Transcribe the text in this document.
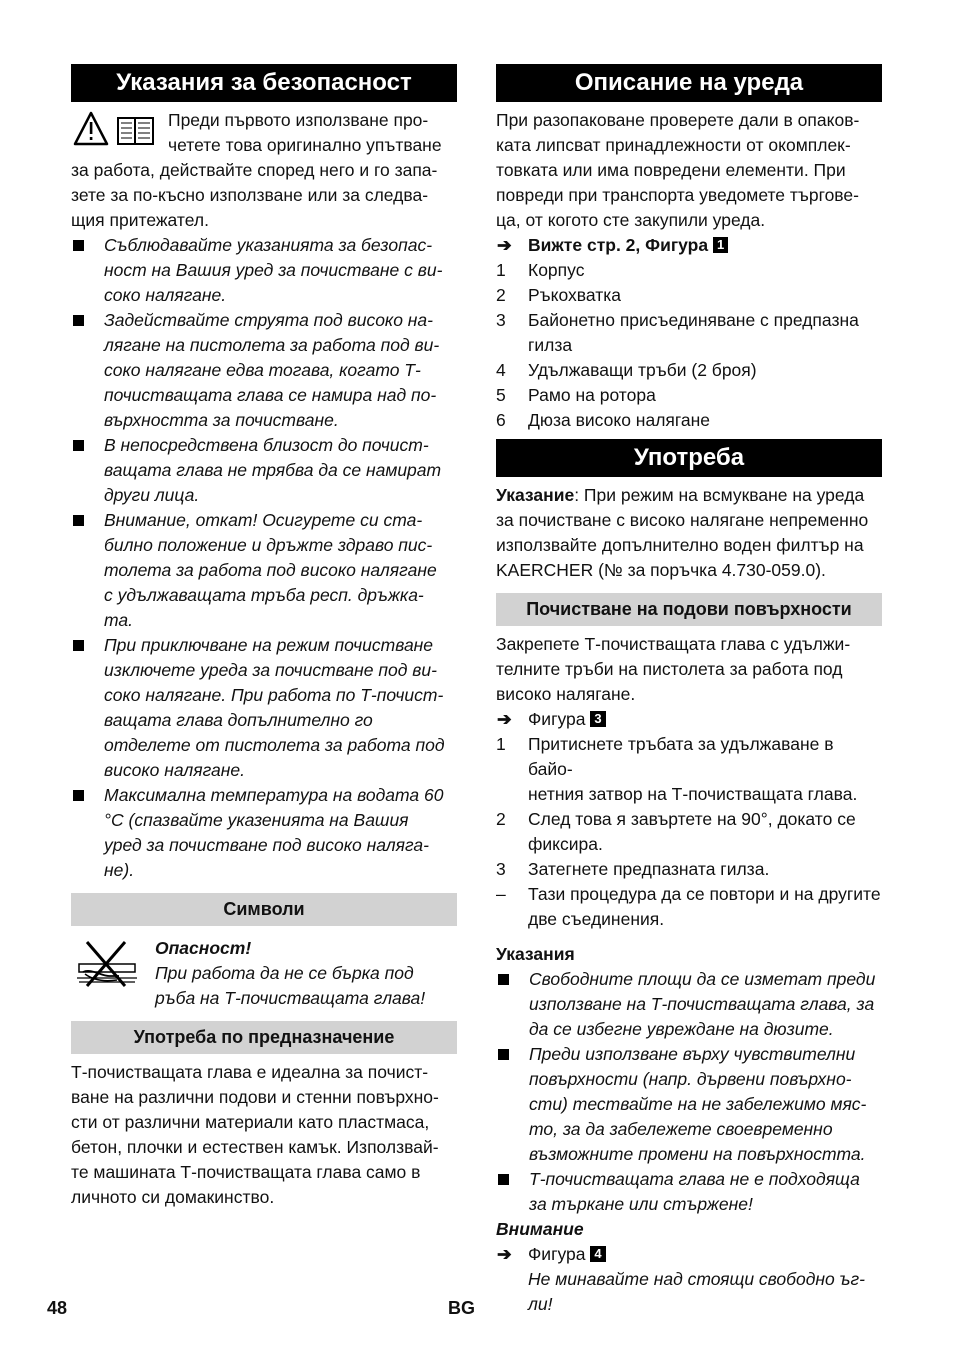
Указания за безопасност

Преди първото използване про-

четете това оригинално упътване

за работа, действайте според него и го запа-

зете за по-късно използване или за следва-

щия притежател.

Съблюдавайте указанията за безопас-
ност на Вашия уред за почистване с ви-
соко налягане.
Задействайте струята под високо на-
лягане на пистолета за работа под ви-
соко налягане едва тогава, когато Т-
почистващата глава се намира над по-
върхността за почистване.
В непосредствена близост до почист-
ващата глава не трябва да се намират
други лица.
Внимание, откат! Осигурете си ста-
билно положение и дръжте здраво пис-
толета за работа под високо налягане
с удължаващата тръба респ. дръжка-
та.
При приключване на режим почистване
изключете уреда за почистване под ви-
соко налягане. При работа по Т-почист-
ващата глава допълнително го
отделете от пистолета за работа под
високо налягане.
Максимална температура на водата 60
°C (спазвайте указенията на Вашия
уред за почистване под високо наляга-
не).
Символи

Опасност!

При работа да не се бърка под

ръба на Т-почистващата глава!

Употреба по предназначение

Т-почистващата глава е идеална за почист-

ване на различни подови и стенни повърхно-

сти от различни материали като пластмаса,

бетон, плочки и естествен камък. Използвай-

те машината Т-почистващата глава само в

личното си домакинство.

Описание на уреда

При разопаковане проверете дали в опаков-

ката липсват принадлежности от окомплек-

товката или има повредени елементи. При

повреди при транспорта уведомете търгове-

ца, от когото сте закупили уреда.

➔ Вижте стр. 2, Фигура 1
1 Корпус
2 Ръкохватка
3 Байонетно присъединяване с предпазна
гилза
4 Удължаващи тръби (2 броя)
5 Рамо на ротора
6 Дюза високо налягане
Употреба

Указание: При режим на всмукване на уреда

за почистване с високо налягане непременно

използвайте допълнително воден филтър на

KAERCHER (№ за поръчка 4.730-059.0).

Почистване на подови повърхности

Закрепете Т-почистващата глава с удължи-

телните тръби на пистолета за работа под

високо налягане.

➔ Фигура 3
1 Притиснете тръбата за удължаване в байо-
нетния затвор на Т-почистващата глава.
2 След това я завъртете на 90°, докато се
фиксира.
3 Затегнете предпазната гилза.
– Тази процедура да се повтори и на другите
две съединения.

Указания

Свободните площи да се изметат преди
използване на Т-почистващата глава, за
да се избегне увреждане на дюзите.
Преди използване върху чувствителни
повърхности (напр. дървени повърхно-
сти) тествайте на не забележимо мяс-
то, за да забележете своевременно
възможните промени на повърхността.
Т-почистващата глава не е подходяща
за търкане или стържене!

Внимание

➔ Фигура 4

Не минавайте над стоящи свободно ъг-

ли!

48	BG
